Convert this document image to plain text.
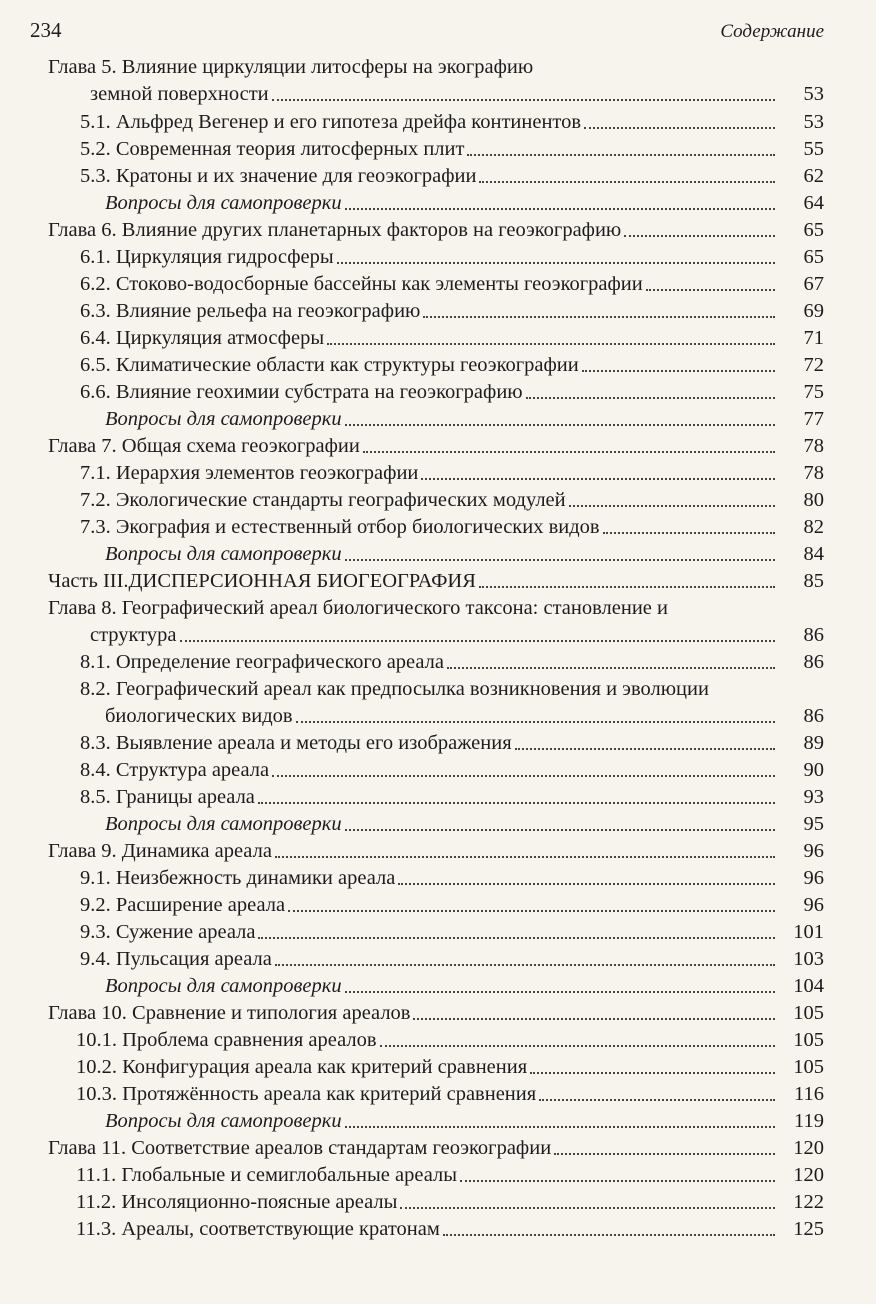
234	Содержание
Глава 5. Влияние циркуляции литосферы на экографию
земной поверхности	53
5.1. Альфред Вегенер и его гипотеза дрейфа континентов	53
5.2. Современная теория литосферных плит	55
5.3. Кратоны и их значение для геоэкографии	62
Вопросы для самопроверки	64
Глава 6. Влияние других планетарных факторов на геоэкографию	65
6.1. Циркуляция гидросферы	65
6.2. Стоково-водосборные бассейны как элементы геоэкографии	67
6.3. Влияние рельефа на геоэкографию	69
6.4. Циркуляция атмосферы	71
6.5. Климатические области как структуры геоэкографии	72
6.6. Влияние геохимии субстрата на геоэкографию	75
Вопросы для самопроверки	77
Глава 7. Общая схема геоэкографии	78
7.1. Иерархия элементов геоэкографии	78
7.2. Экологические стандарты географических модулей	80
7.3. Экография и естественный отбор биологических видов	82
Вопросы для самопроверки	84
Часть III.ДИСПЕРСИОННАЯ БИОГЕОГРАФИЯ	85
Глава 8. Географический ареал биологического таксона: становление и
структура	86
8.1. Определение географического ареала	86
8.2. Географический ареал как предпосылка возникновения и эволюции
биологических видов	86
8.3. Выявление ареала и методы его изображения	89
8.4. Структура ареала	90
8.5. Границы ареала	93
Вопросы для самопроверки	95
Глава 9. Динамика ареала	96
9.1. Неизбежность динамики ареала	96
9.2. Расширение ареала	96
9.3. Сужение ареала	101
9.4. Пульсация ареала	103
Вопросы для самопроверки	104
Глава 10. Сравнение и типология ареалов	105
10.1. Проблема сравнения ареалов	105
10.2. Конфигурация ареала как критерий сравнения	105
10.3. Протяжённость ареала как критерий сравнения	116
Вопросы для самопроверки	119
Глава 11. Соответствие ареалов стандартам геоэкографии	120
11.1. Глобальные и семиглобальные ареалы	120
11.2. Инсоляционно-поясные ареалы	122
11.3. Ареалы, соответствующие кратонам	125
